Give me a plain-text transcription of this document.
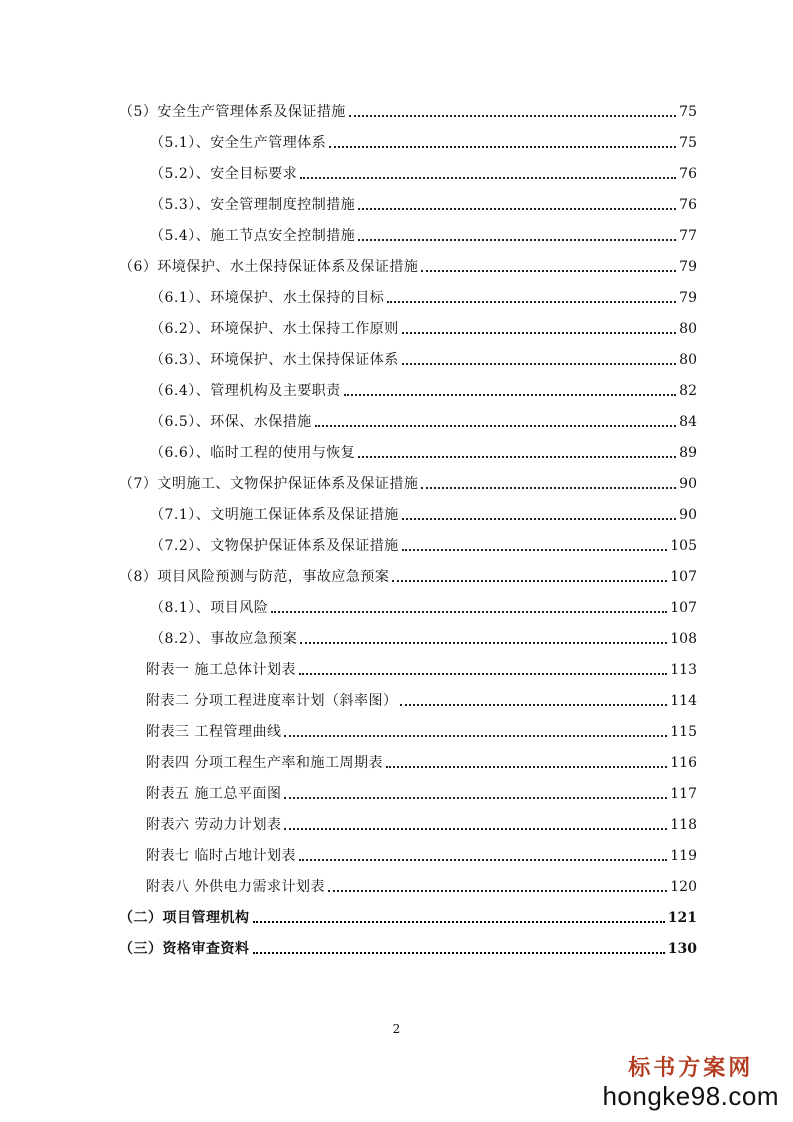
（5）安全生产管理体系及保证措施	75
（5.1）、安全生产管理体系	75
（5.2）、安全目标要求	76
（5.3）、安全管理制度控制措施	76
（5.4）、施工节点安全控制措施	77
（6）环境保护、水土保持保证体系及保证措施	79
（6.1）、环境保护、水土保持的目标	79
（6.2）、环境保护、水土保持工作原则	80
（6.3）、环境保护、水土保持保证体系	80
（6.4）、管理机构及主要职责	82
（6.5）、环保、水保措施	84
（6.6）、临时工程的使用与恢复	89
（7）文明施工、文物保护保证体系及保证措施	90
（7.1）、文明施工保证体系及保证措施	90
（7.2）、文物保护保证体系及保证措施	105
（8）项目风险预测与防范，事故应急预案	107
（8.1）、项目风险	107
（8.2）、事故应急预案	108
附表一 施工总体计划表	113
附表二 分项工程进度率计划（斜率图）	114
附表三 工程管理曲线	115
附表四 分项工程生产率和施工周期表	116
附表五 施工总平面图	117
附表六 劳动力计划表	118
附表七 临时占地计划表	119
附表八 外供电力需求计划表	120
（二）项目管理机构	121
（三）资格审查资料	130
2
标书方案网
hongke98.com
